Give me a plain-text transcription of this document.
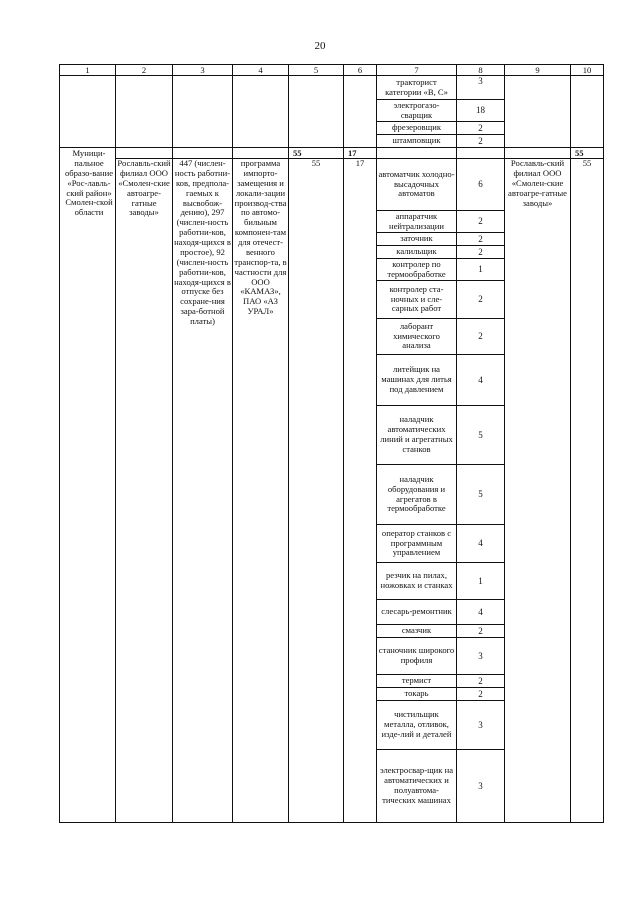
20
1	2	3	4	5	6	7	8	9	10
						тракторист категории «В, С»	3		
						электрогазо-сварщик	18		
						фрезеровщик	2		
						штамповщик	2		
Муници-пальное образо-вание «Рос-лавль-ский район» Смолен-ской области				55	17				55
	Рославль-ский филиал ООО «Смолен-ские автоагре-гатные заводы»	447 (числен-ность работни-ков, предпола-гаемых к высвобож-дению), 297 (числен-ность работни-ков, находя-щихся в простое), 92 (числен-ность работни-ков, находя-щихся в отпуске без сохране-ния зара-ботной платы)	программа импорто-замещения и локали-зации производ-ства по автомо-бильным компонен-там для отечест-венного транспор-та, в частности для ООО «КАМАЗ», ПАО «АЗ УРАЛ»	55	17	автоматчик холодно-высадочных автоматов	6	Рославль-ский филиал ООО «Смолен-ские автоагре-гатные заводы»	55
						аппаратчик нейтрализации	2		
						заточник	2		
						калильщик	2		
						контролер по термообработке	1		
						контролер ста-ночных и сле-сарных работ	2		
						лаборант химического анализа	2		
						литейщик на машинах для литья под давлением	4		
						наладчик автоматических линий и агрегатных станков	5		
						наладчик оборудования и агрегатов в термообработке	5		
						оператор станков с программным управлением	4		
						резчик на пилах, ножовках и станках	1		
						слесарь-ремонтник	4		
						смазчик	2		
						станочник широкого профиля	3		
						термист	2		
						токарь	2		
						чистильщик металла, отливок, изде-лий и деталей	3		
						электросвар-щик на автоматических и полуавтома-тических машинах	3		
